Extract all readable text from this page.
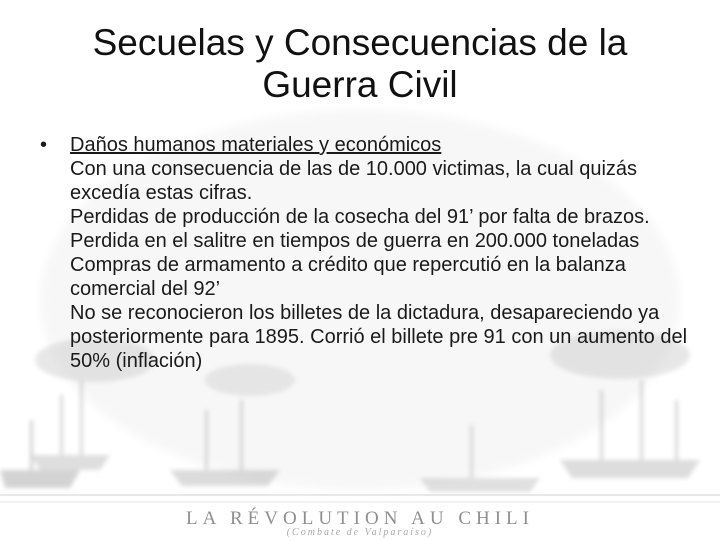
Secuelas y Consecuencias de la
Guerra Civil
•	Daños humanos materiales y económicos
Con una consecuencia de las de 10.000 victimas, la cual quizás excedía estas cifras.
Perdidas de producción de la cosecha del 91’ por falta de brazos.
Perdida en el salitre en tiempos de guerra en 200.000 toneladas
Compras de armamento a crédito que repercutió en la balanza comercial del 92’
No se reconocieron los billetes de la dictadura, desapareciendo ya posteriormente para 1895. Corrió el billete pre 91 con un aumento del 50% (inflación)
LA RÉVOLUTION AU CHILI
(Combate de Valparaíso)
